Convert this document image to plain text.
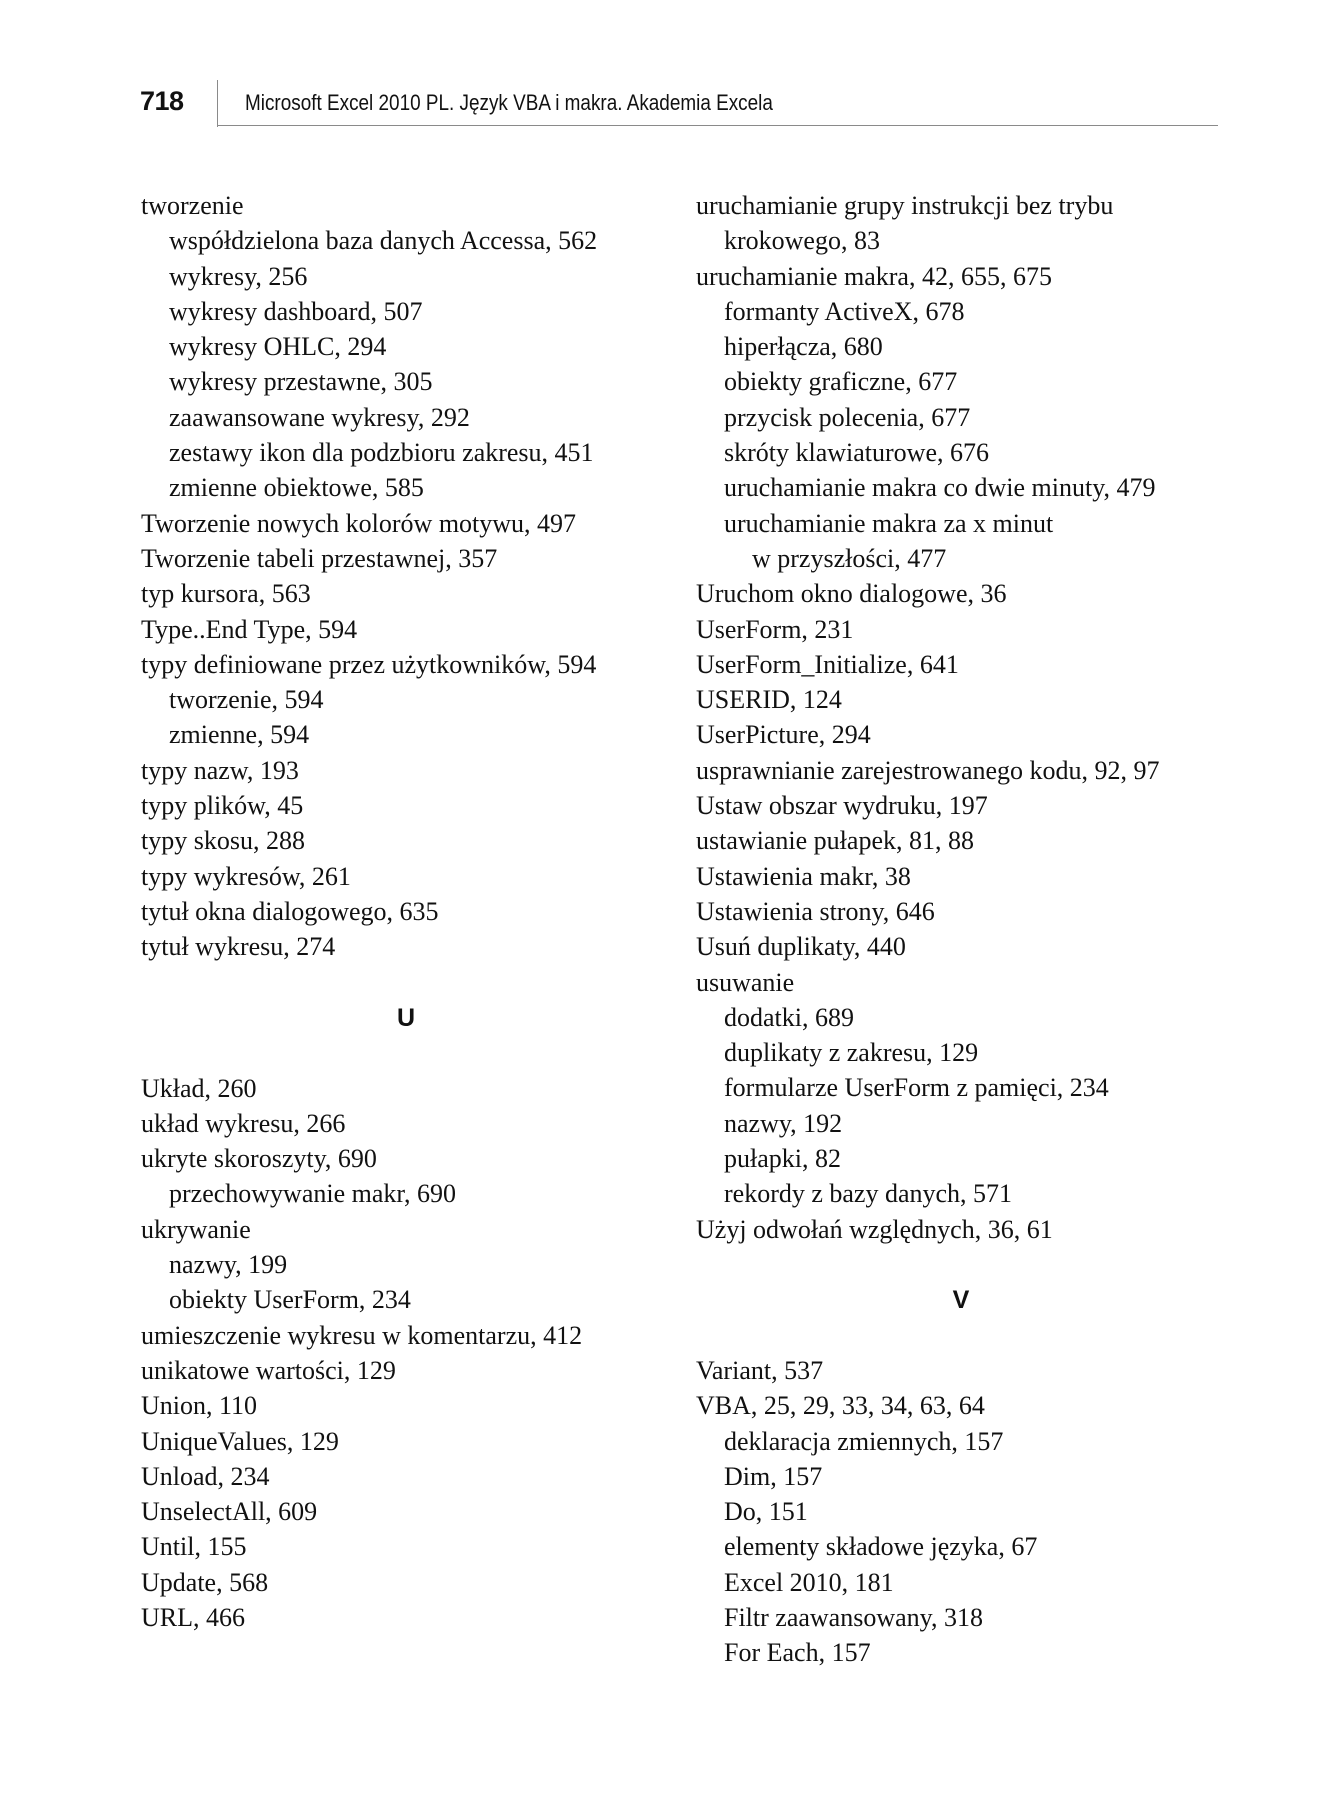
718	Microsoft Excel 2010 PL. Język VBA i makra. Akademia Excela
tworzenie
współdzielona baza danych Accessa, 562
wykresy, 256
wykresy dashboard, 507
wykresy OHLC, 294
wykresy przestawne, 305
zaawansowane wykresy, 292
zestawy ikon dla podzbioru zakresu, 451
zmienne obiektowe, 585
Tworzenie nowych kolorów motywu, 497
Tworzenie tabeli przestawnej, 357
typ kursora, 563
Type..End Type, 594
typy definiowane przez użytkowników, 594
tworzenie, 594
zmienne, 594
typy nazw, 193
typy plików, 45
typy skosu, 288
typy wykresów, 261
tytuł okna dialogowego, 635
tytuł wykresu, 274
U
Układ, 260
układ wykresu, 266
ukryte skoroszyty, 690
przechowywanie makr, 690
ukrywanie
nazwy, 199
obiekty UserForm, 234
umieszczenie wykresu w komentarzu, 412
unikatowe wartości, 129
Union, 110
UniqueValues, 129
Unload, 234
UnselectAll, 609
Until, 155
Update, 568
URL, 466
uruchamianie grupy instrukcji bez trybu
krokowego, 83
uruchamianie makra, 42, 655, 675
formanty ActiveX, 678
hiperłącza, 680
obiekty graficzne, 677
przycisk polecenia, 677
skróty klawiaturowe, 676
uruchamianie makra co dwie minuty, 479
uruchamianie makra za x minut
w przyszłości, 477
Uruchom okno dialogowe, 36
UserForm, 231
UserForm_Initialize, 641
USERID, 124
UserPicture, 294
usprawnianie zarejestrowanego kodu, 92, 97
Ustaw obszar wydruku, 197
ustawianie pułapek, 81, 88
Ustawienia makr, 38
Ustawienia strony, 646
Usuń duplikaty, 440
usuwanie
dodatki, 689
duplikaty z zakresu, 129
formularze UserForm z pamięci, 234
nazwy, 192
pułapki, 82
rekordy z bazy danych, 571
Użyj odwołań względnych, 36, 61
V
Variant, 537
VBA, 25, 29, 33, 34, 63, 64
deklaracja zmiennych, 157
Dim, 157
Do, 151
elementy składowe języka, 67
Excel 2010, 181
Filtr zaawansowany, 318
For Each, 157
